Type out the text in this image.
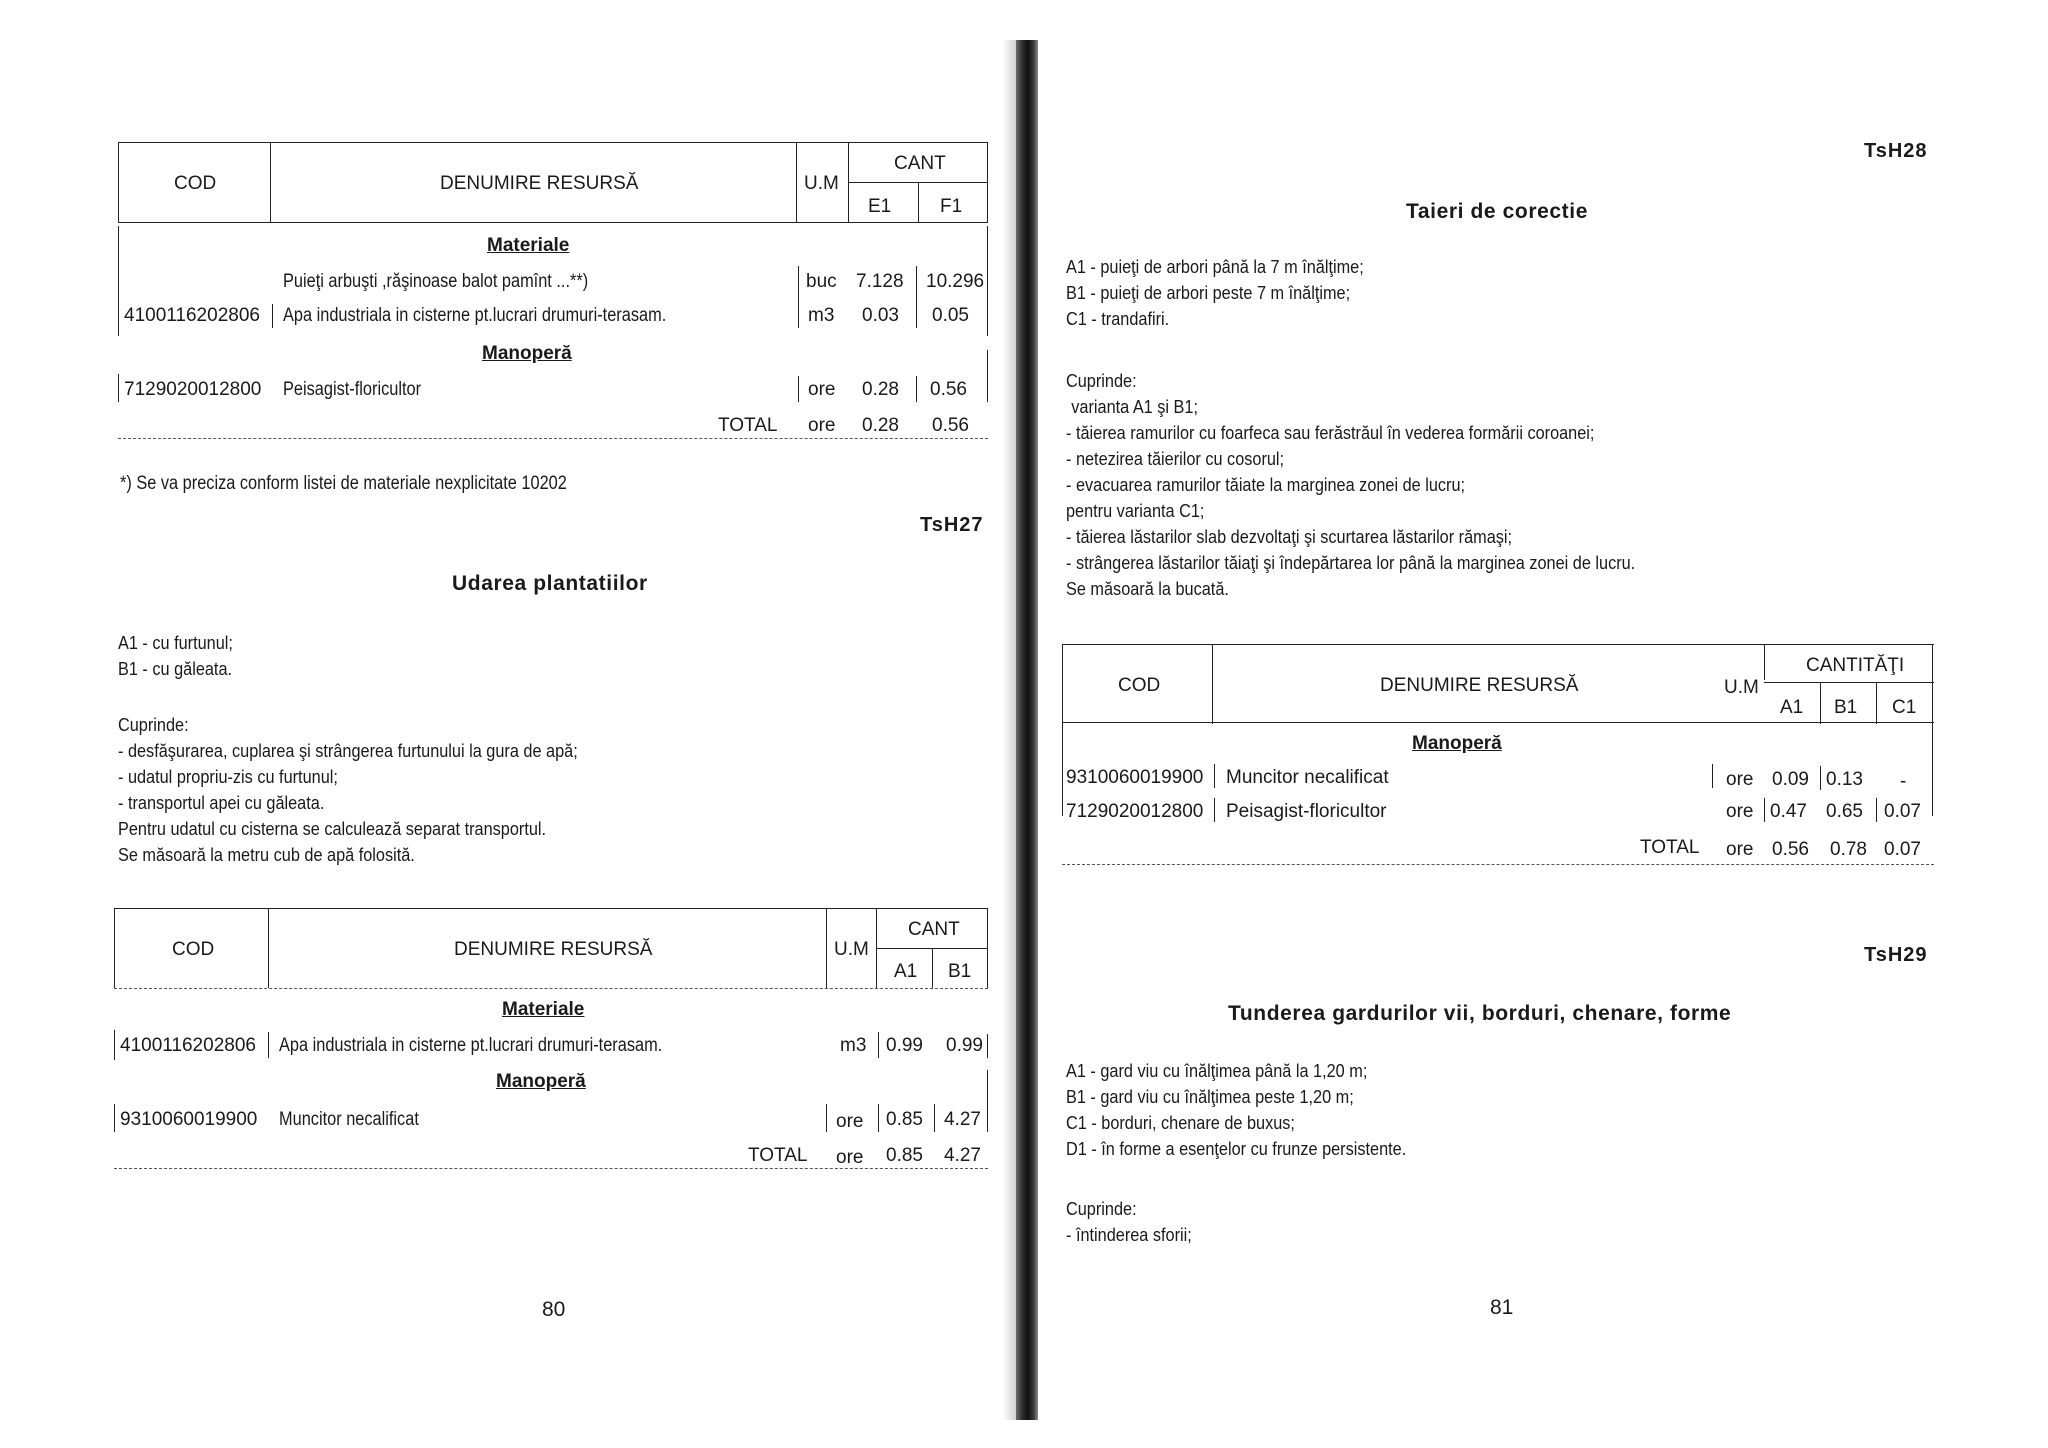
COD	DENUMIRE RESURSĂ	U.M
CANT
E1	F1
Materiale
Puieţi arbuşti ,răşinoase balot pamînt ...**)	buc 7.128 10.296
4100116202806 Apa industriala in cisterne pt.lucrari drumuri-terasam.	m3 0.03 0.05
Manoperă
7129020012800 Peisagist-floricultor	ore 0.28 0.56
TOTAL ore 0.28 0.56
*) Se va preciza conform listei de materiale nexplicitate 10202
TsH27
Udarea plantatiilor
A1 - cu furtunul;
B1 - cu găleata.
Cuprinde:
- desfăşurarea, cuplarea şi strângerea furtunului la gura de apă;
- udatul propriu-zis cu furtunul;
- transportul apei cu găleata.
Pentru udatul cu cisterna se calculează separat transportul.
Se măsoară la metru cub de apă folosită.
COD	DENUMIRE RESURSĂ	U.M
CANT
A1 B1
Materiale
4100116202806 Apa industriala in cisterne pt.lucrari drumuri-terasam.	m3 0.99 0.99
Manoperă
9310060019900 Muncitor necalificat	ore 0.85 4.27
TOTAL ore 0.85 4.27
80
TsH28
Taieri de corectie
A1 - puieţi de arbori până la 7 m înălţime;
B1 - puieţi de arbori peste 7 m înălţime;
C1 - trandafiri.
Cuprinde:
varianta A1 şi B1;
- tăierea ramurilor cu foarfeca sau ferăstrăul în vederea formării coroanei;
- netezirea tăierilor cu cosorul;
- evacuarea ramurilor tăiate la marginea zonei de lucru;
pentru varianta C1;
- tăierea lăstarilor slab dezvoltaţi şi scurtarea lăstarilor rămaşi;
- strângerea lăstarilor tăiaţi şi îndepărtarea lor până la marginea zonei de lucru.
Se măsoară la bucată.
COD	DENUMIRE RESURSĂ	U.M
CANTITĂŢI
A1 B1 C1
Manoperă
9310060019900 Muncitor necalificat	ore 0.09 0.13 -
7129020012800 Peisagist-floricultor	ore 0.47 0.65 0.07
TOTAL ore 0.56 0.78 0.07
TsH29
Tunderea gardurilor vii, borduri, chenare, forme
A1 - gard viu cu înălţimea până la 1,20 m;
B1 - gard viu cu înălţimea peste 1,20 m;
C1 - borduri, chenare de buxus;
D1 - în forme a esenţelor cu frunze persistente.
Cuprinde:
- întinderea sforii;
81
